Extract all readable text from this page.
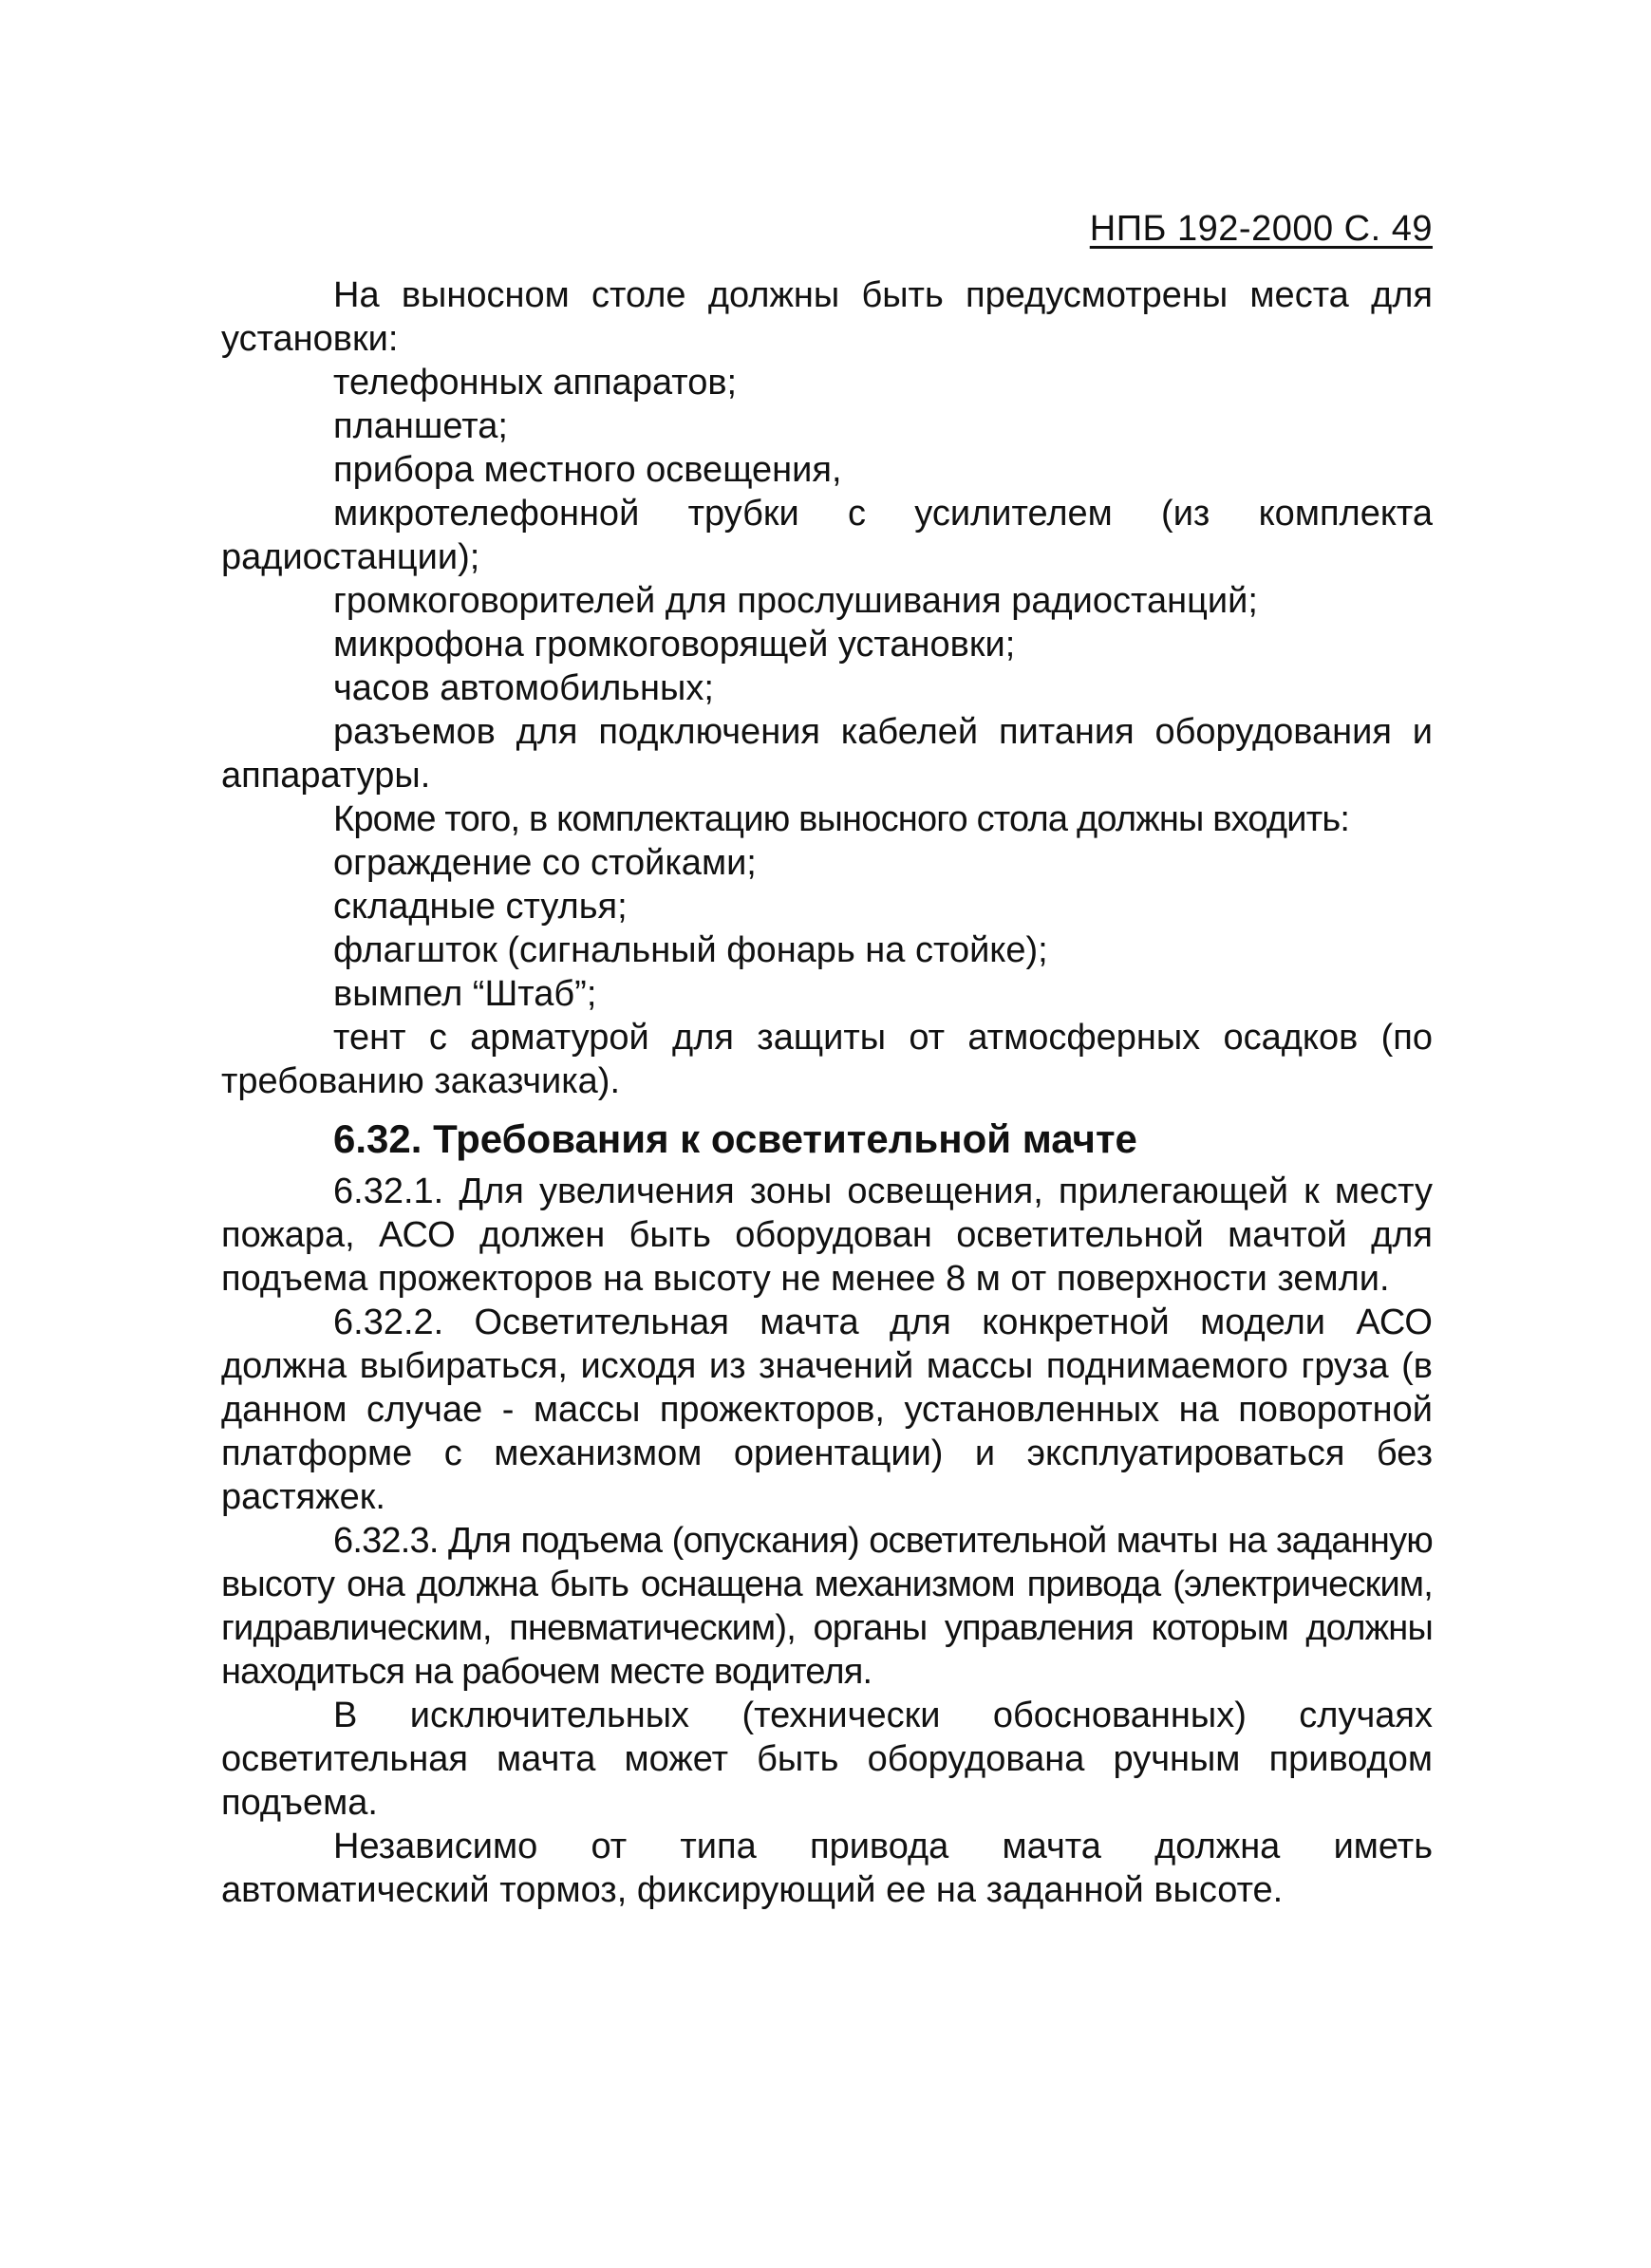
НПБ 192-2000 С. 49

На выносном столе должны быть предусмотрены места для установки:

телефонных аппаратов;

планшета;

прибора местного освещения,

микротелефонной трубки с усилителем (из комплекта радиостанции);

громкоговорителей для прослушивания радиостанций;

микрофона громкоговорящей установки;

часов автомобильных;

разъемов для подключения кабелей питания оборудования и аппаратуры.

Кроме того, в комплектацию выносного стола должны входить:

ограждение со стойками;

складные стулья;

флагшток (сигнальный фонарь на стойке);

вымпел “Штаб”;

тент с арматурой для защиты от атмосферных осадков (по требованию заказчика).

6.32. Требования к осветительной мачте

6.32.1. Для увеличения зоны освещения, прилегающей к месту пожара, АСО должен быть оборудован осветительной мачтой для подъема прожекторов на высоту не менее 8 м от поверхности земли.

6.32.2. Осветительная мачта для конкретной модели АСО должна выбираться, исходя из значений массы поднимаемого груза (в данном случае - массы прожекторов, установленных на поворотной платформе с механизмом ориентации) и эксплуатироваться без растяжек.

6.32.3. Для подъема (опускания) осветительной мачты на заданную высоту она должна быть оснащена механизмом привода (электрическим, гидравлическим, пневматическим), органы управления которым должны находиться на рабочем месте водителя.

В исключительных (технически обоснованных) случаях осветительная мачта может быть оборудована ручным приводом подъема.

Независимо от типа привода мачта должна иметь автоматический тормоз, фиксирующий ее на заданной высоте.
